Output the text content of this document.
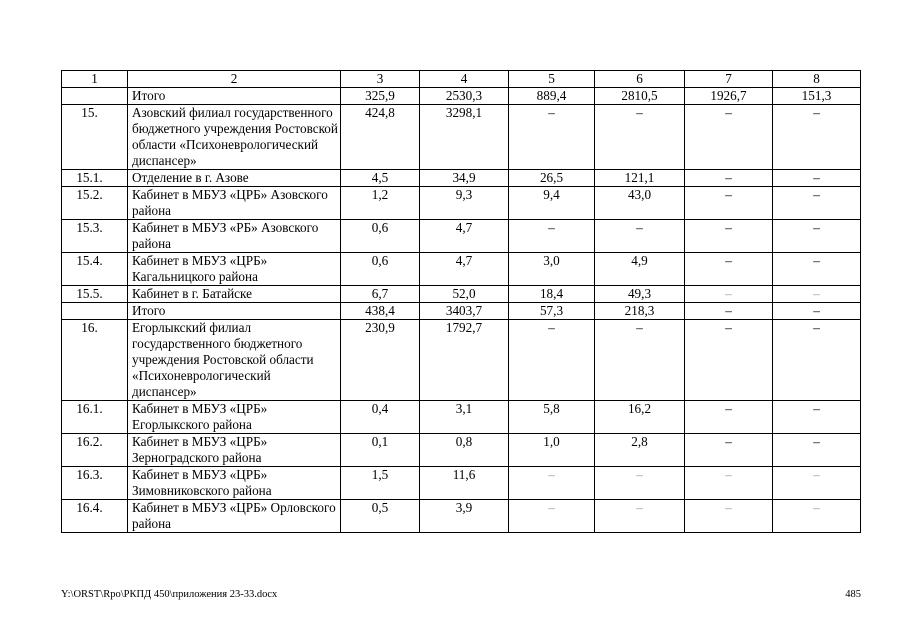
1	2	3	4	5	6	7	8
	Итого	325,9	2530,3	889,4	2810,5	1926,7	151,3
15.	Азовский филиал государственного бюджетного учреждения Ростовской области «Психоневрологический диспансер»	424,8	3298,1	–	–	–	–
15.1.	Отделение в г. Азове	4,5	34,9	26,5	121,1	–	–
15.2.	Кабинет в МБУЗ «ЦРБ» Азовского района	1,2	9,3	9,4	43,0	–	–
15.3.	Кабинет в МБУЗ «РБ» Азовского района	0,6	4,7	–	–	–	–
15.4.	Кабинет в МБУЗ «ЦРБ» Кагальницкого района	0,6	4,7	3,0	4,9	–	–
15.5.	Кабинет в г. Батайске	6,7	52,0	18,4	49,3	–	–
	Итого	438,4	3403,7	57,3	218,3	–	–
16.	Егорлыкский филиал государственного бюджетного учреждения Ростовской области «Психоневрологический диспансер»	230,9	1792,7	–	–	–	–
16.1.	Кабинет в МБУЗ «ЦРБ» Егорлыкского района	0,4	3,1	5,8	16,2	–	–
16.2.	Кабинет в МБУЗ «ЦРБ» Зерноградского района	0,1	0,8	1,0	2,8	–	–
16.3.	Кабинет в МБУЗ «ЦРБ» Зимовниковского района	1,5	11,6	–	–	–	–
16.4.	Кабинет в МБУЗ «ЦРБ» Орловского района	0,5	3,9	–	–	–	–
Y:\ORST\Rpo\РКПД 450\приложения 23-33.docx	485
